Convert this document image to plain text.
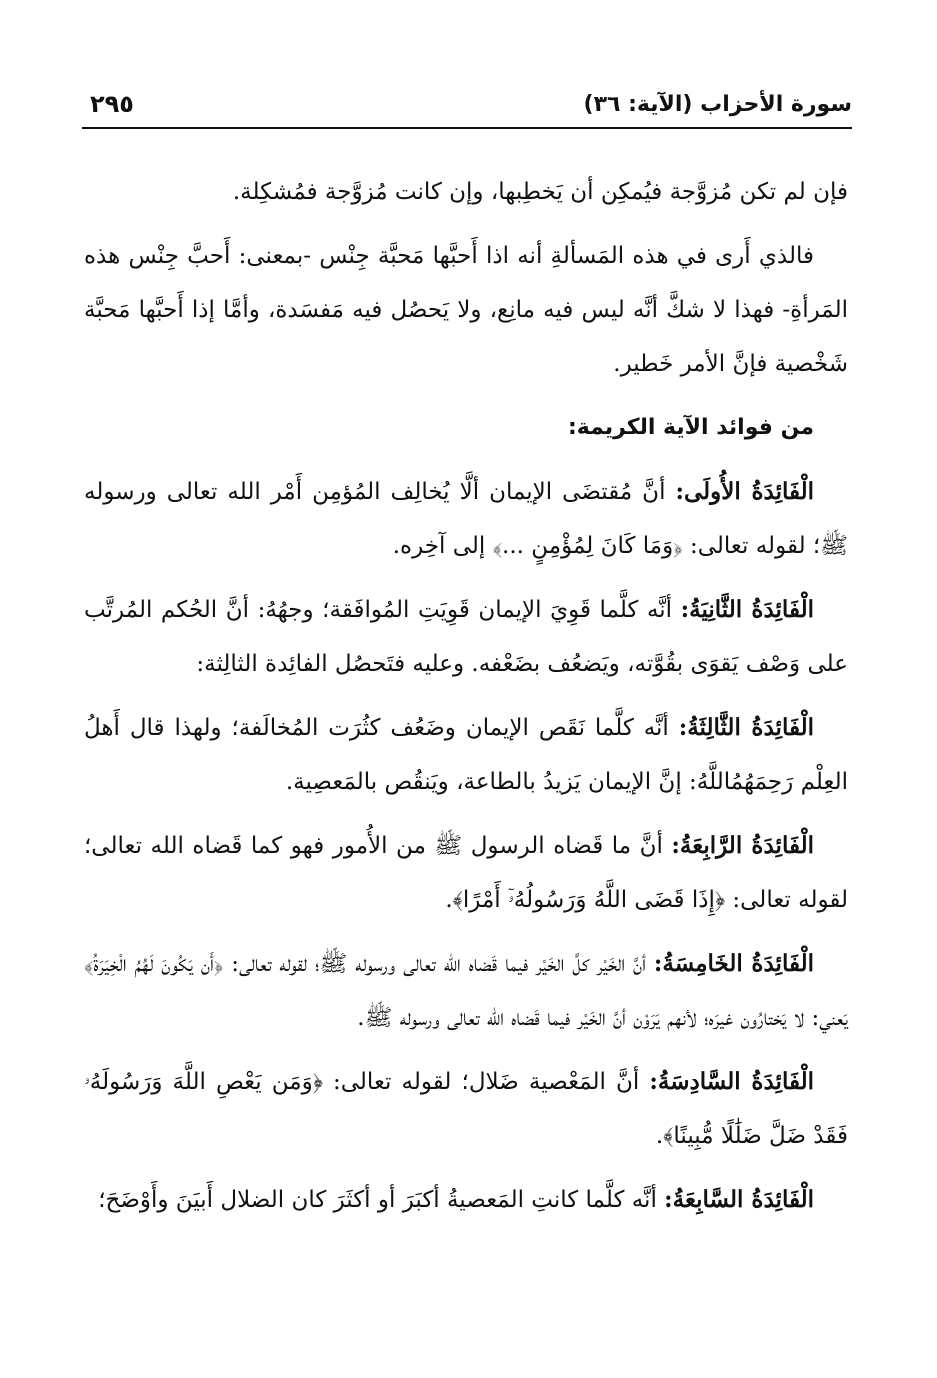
٢٩٥	سورة الأحزاب (الآية: ٣٦)

فإن لم تكن مُزوَّجة فيُمكِن أن يَخطِبها، وإن كانت مُزوَّجة فمُشكِلة.

فالذي أَرى في هذه المَسألةِ أنه اذا أَحبَّها مَحبَّة جِنْس -بمعنى: أَحبَّ جِنْس هذه المَرأةِ- فهذا لا شكَّ أنَّه ليس فيه مانِع، ولا يَحصُل فيه مَفسَدة، وأمَّا إذا أَحبَّها مَحبَّة شَخْصية فإنَّ الأمر خَطير.

من فوائد الآية الكريمة:

الْفَائِدَةُ الأُولَى: أنَّ مُقتضَى الإيمان ألَّا يُخالِف المُؤمِن أَمْر الله تعالى ورسوله ﷺ؛ لقوله تعالى: ﴿وَمَا كَانَ لِمُؤْمِنٍ ...﴾ إلى آخِره.

الْفَائِدَةُ الثَّانِيَةُ: أنَّه كلَّما قَوِيَ الإيمان قَوِيَتِ المُوافَقة؛ وجهُهُ: أنَّ الحُكم المُرتَّب على وَصْف يَقوَى بقُوَّته، ويَضعُف بضَعْفه. وعليه فتَحصُل الفائِدة الثالِثة:

الْفَائِدَةُ الثَّالِثَةُ: أنَّه كلَّما نَقَص الإيمان وضَعُف كثُرَت المُخالَفة؛ ولهذا قال أَهلُ العِلْم رَحِمَهُمُاللَّهُ: إنَّ الإيمان يَزيدُ بالطاعة، ويَنقُص بالمَعصِية.

الْفَائِدَةُ الرَّابِعَةُ: أنَّ ما قَضاه الرسول ﷺ من الأُمور فهو كما قَضاه الله تعالى؛ لقوله تعالى: ﴿إِذَا قَضَى اللَّهُ وَرَسُولُهُۥٓ أَمْرًا﴾.

الْفَائِدَةُ الخَامِسَةُ: أنَّ الخَيْر كلَّ الخَيْر فيما قَضاه الله تعالى ورسوله ﷺ؛ لقوله تعالى: ﴿أَن يَكُونَ لَهُمُ الْخِيَرَةُ﴾ يَعني: لا يَختارُون غيرَه؛ لأنهم يَرَوْن أنَّ الخَيْر فيما قَضاه الله تعالى ورسوله ﷺ.

الْفَائِدَةُ السَّادِسَةُ: أنَّ المَعْصية ضَلال؛ لقوله تعالى: ﴿وَمَن يَعْصِ اللَّهَ وَرَسُولَهُۥ فَقَدْ ضَلَّ ضَلَٰلًا مُّبِينًا﴾.

الْفَائِدَةُ السَّابِعَةُ: أنَّه كلَّما كانتِ المَعصيةُ أكبَرَ أو أكثَرَ كان الضلال أَبيَنَ وأَوْضَحَ؛
